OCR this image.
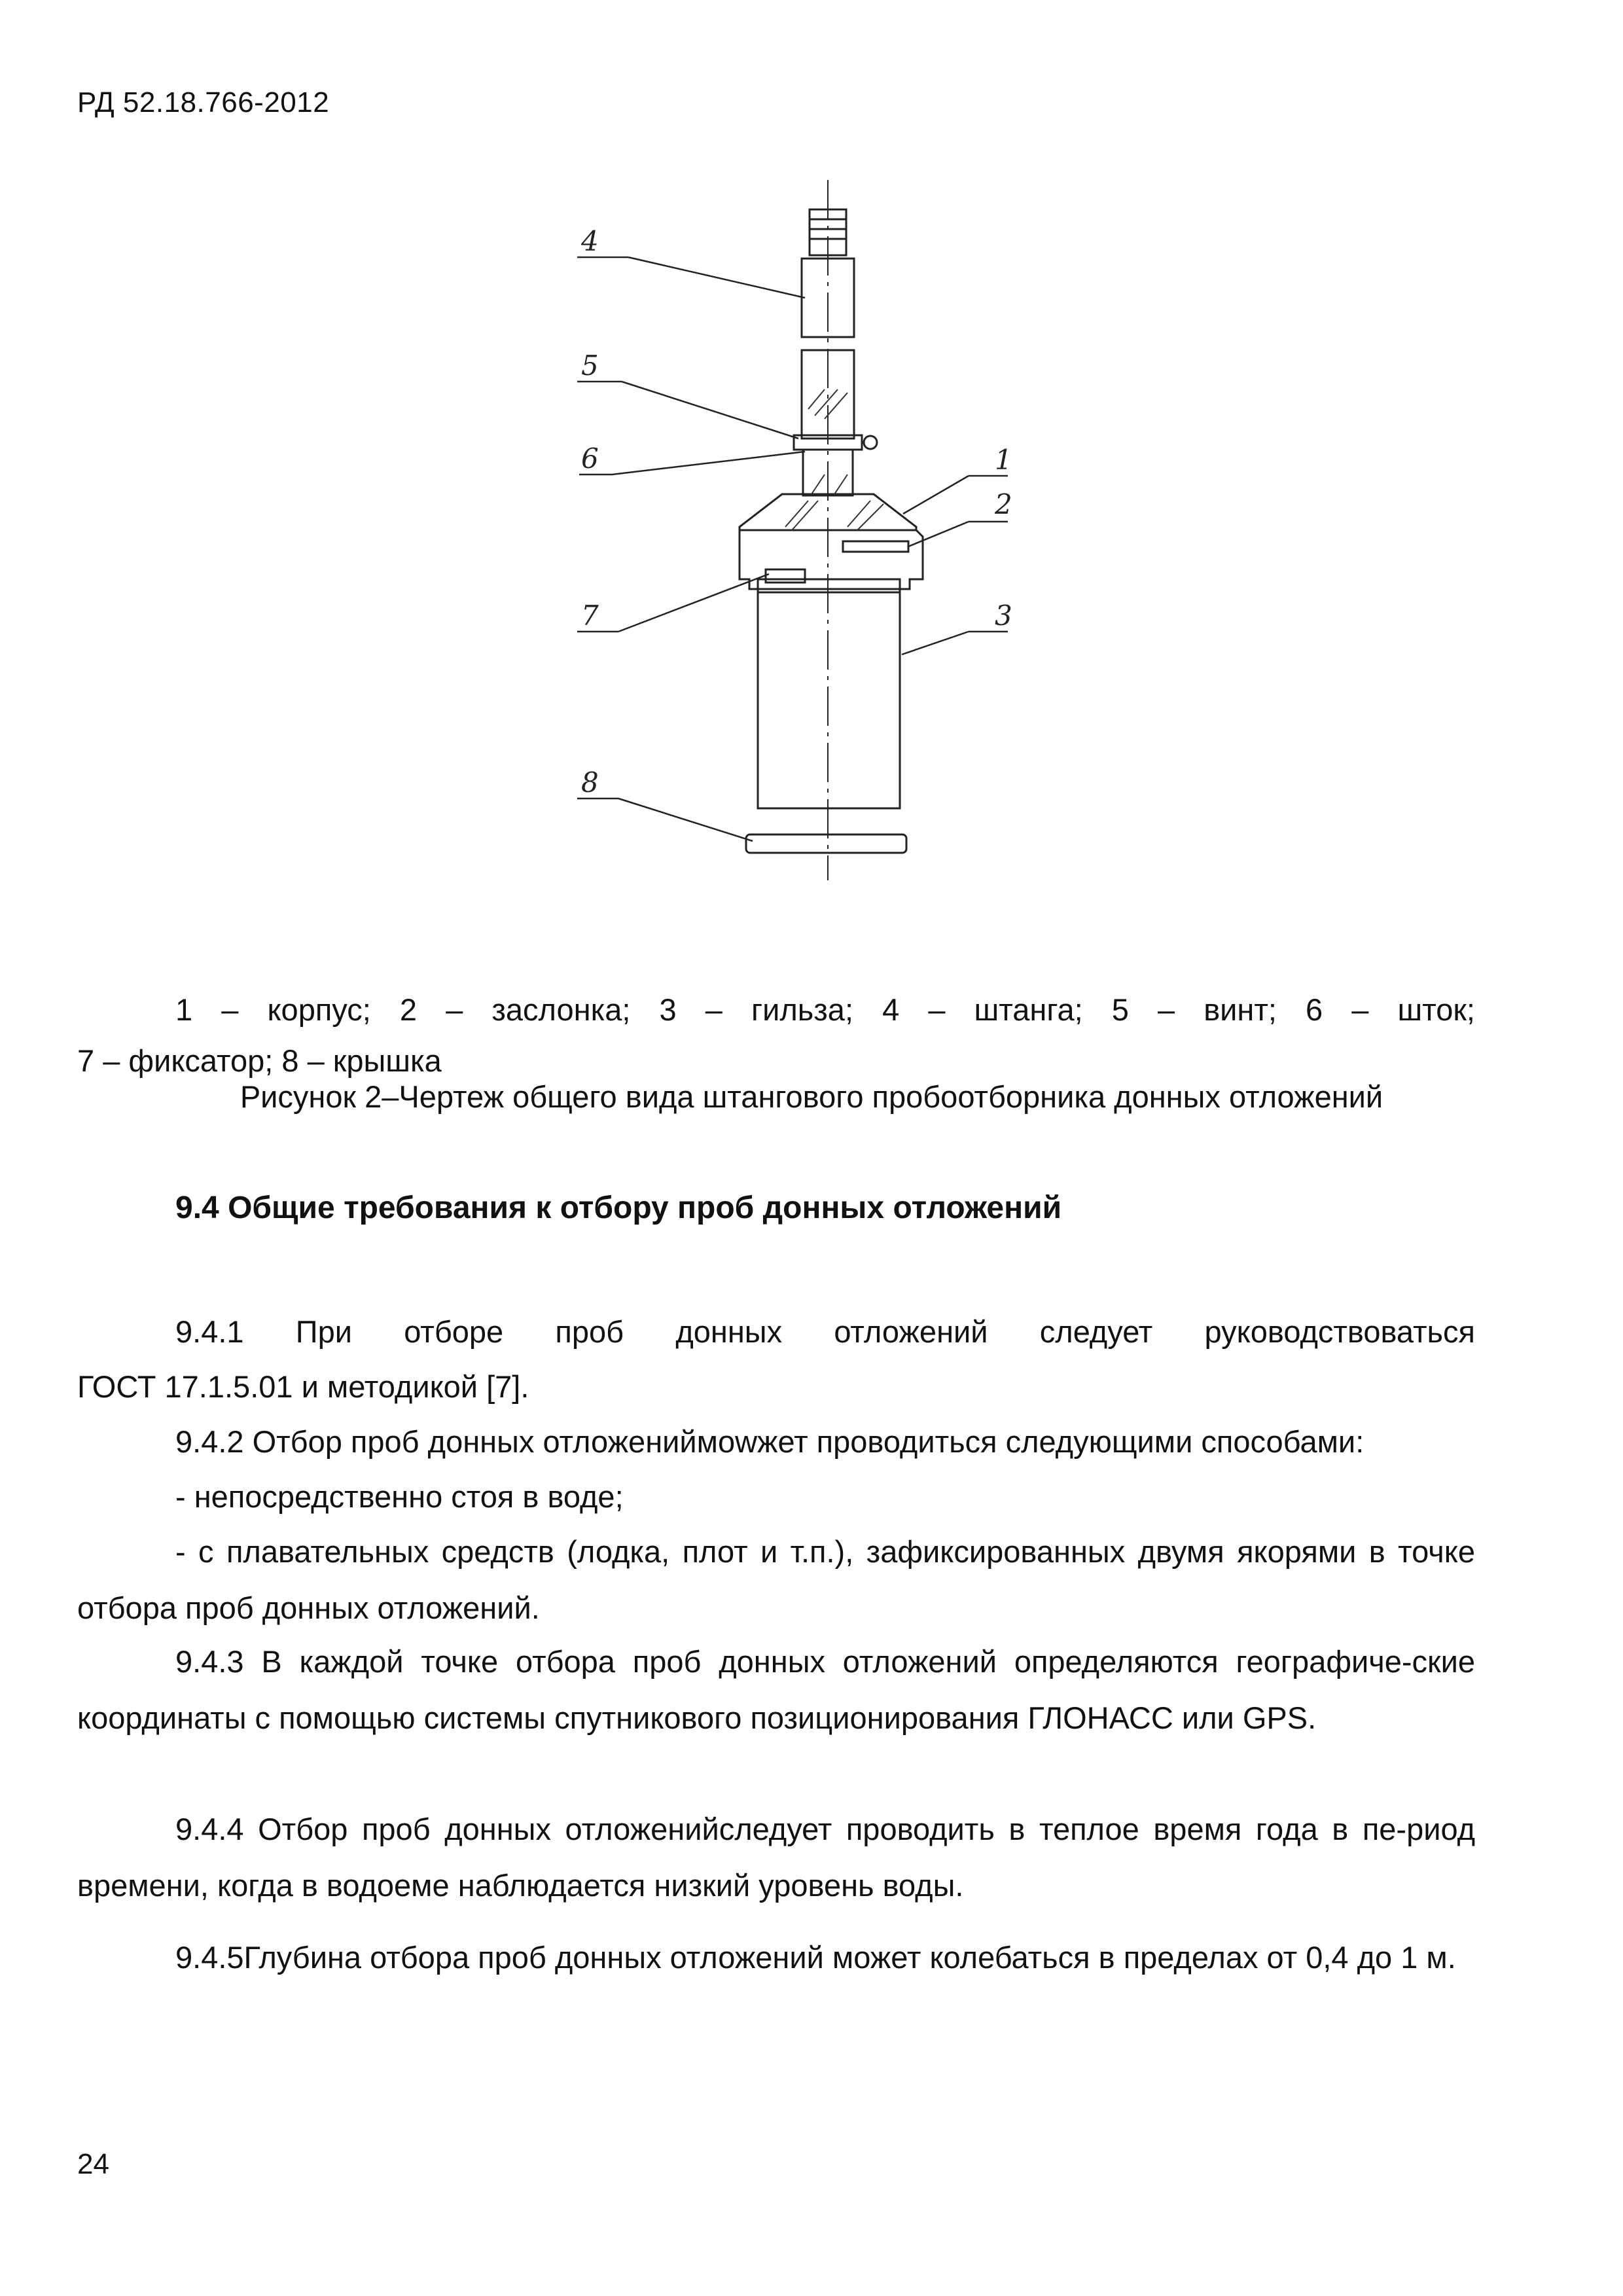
РД 52.18.766-2012
4
5
6	1
2
7	3
8
1 – корпус; 2 – заслонка; 3 – гильза; 4 – штанга; 5 – винт; 6 – шток;
7 – фиксатор; 8 – крышка
Рисунок 2–Чертеж общего вида штангового пробоотборника донных отложений
9.4 Общие требования к отбору проб донных отложений
9.4.1 При отборе проб донных отложений следует руководствоваться
ГОСТ 17.1.5.01 и методикой [7].
9.4.2 Отбор проб донных отложениймowжет проводиться следующими способами:
- непосредственно стоя в воде;
- с плавательных средств (лодка, плот и т.п.), зафиксированных двумя якорями в точке отбора проб донных отложений.
9.4.3 В каждой точке отбора проб донных отложений определяются географиче-ские координаты с помощью системы спутникового позиционирования ГЛОНАСС или GPS.
9.4.4 Отбор проб донных отложенийследует проводить в теплое время года в пе-риод времени, когда в водоеме наблюдается низкий уровень воды.
9.4.5Глубина отбора проб донных отложений может колебаться в пределах от 0,4 до 1 м.
24
